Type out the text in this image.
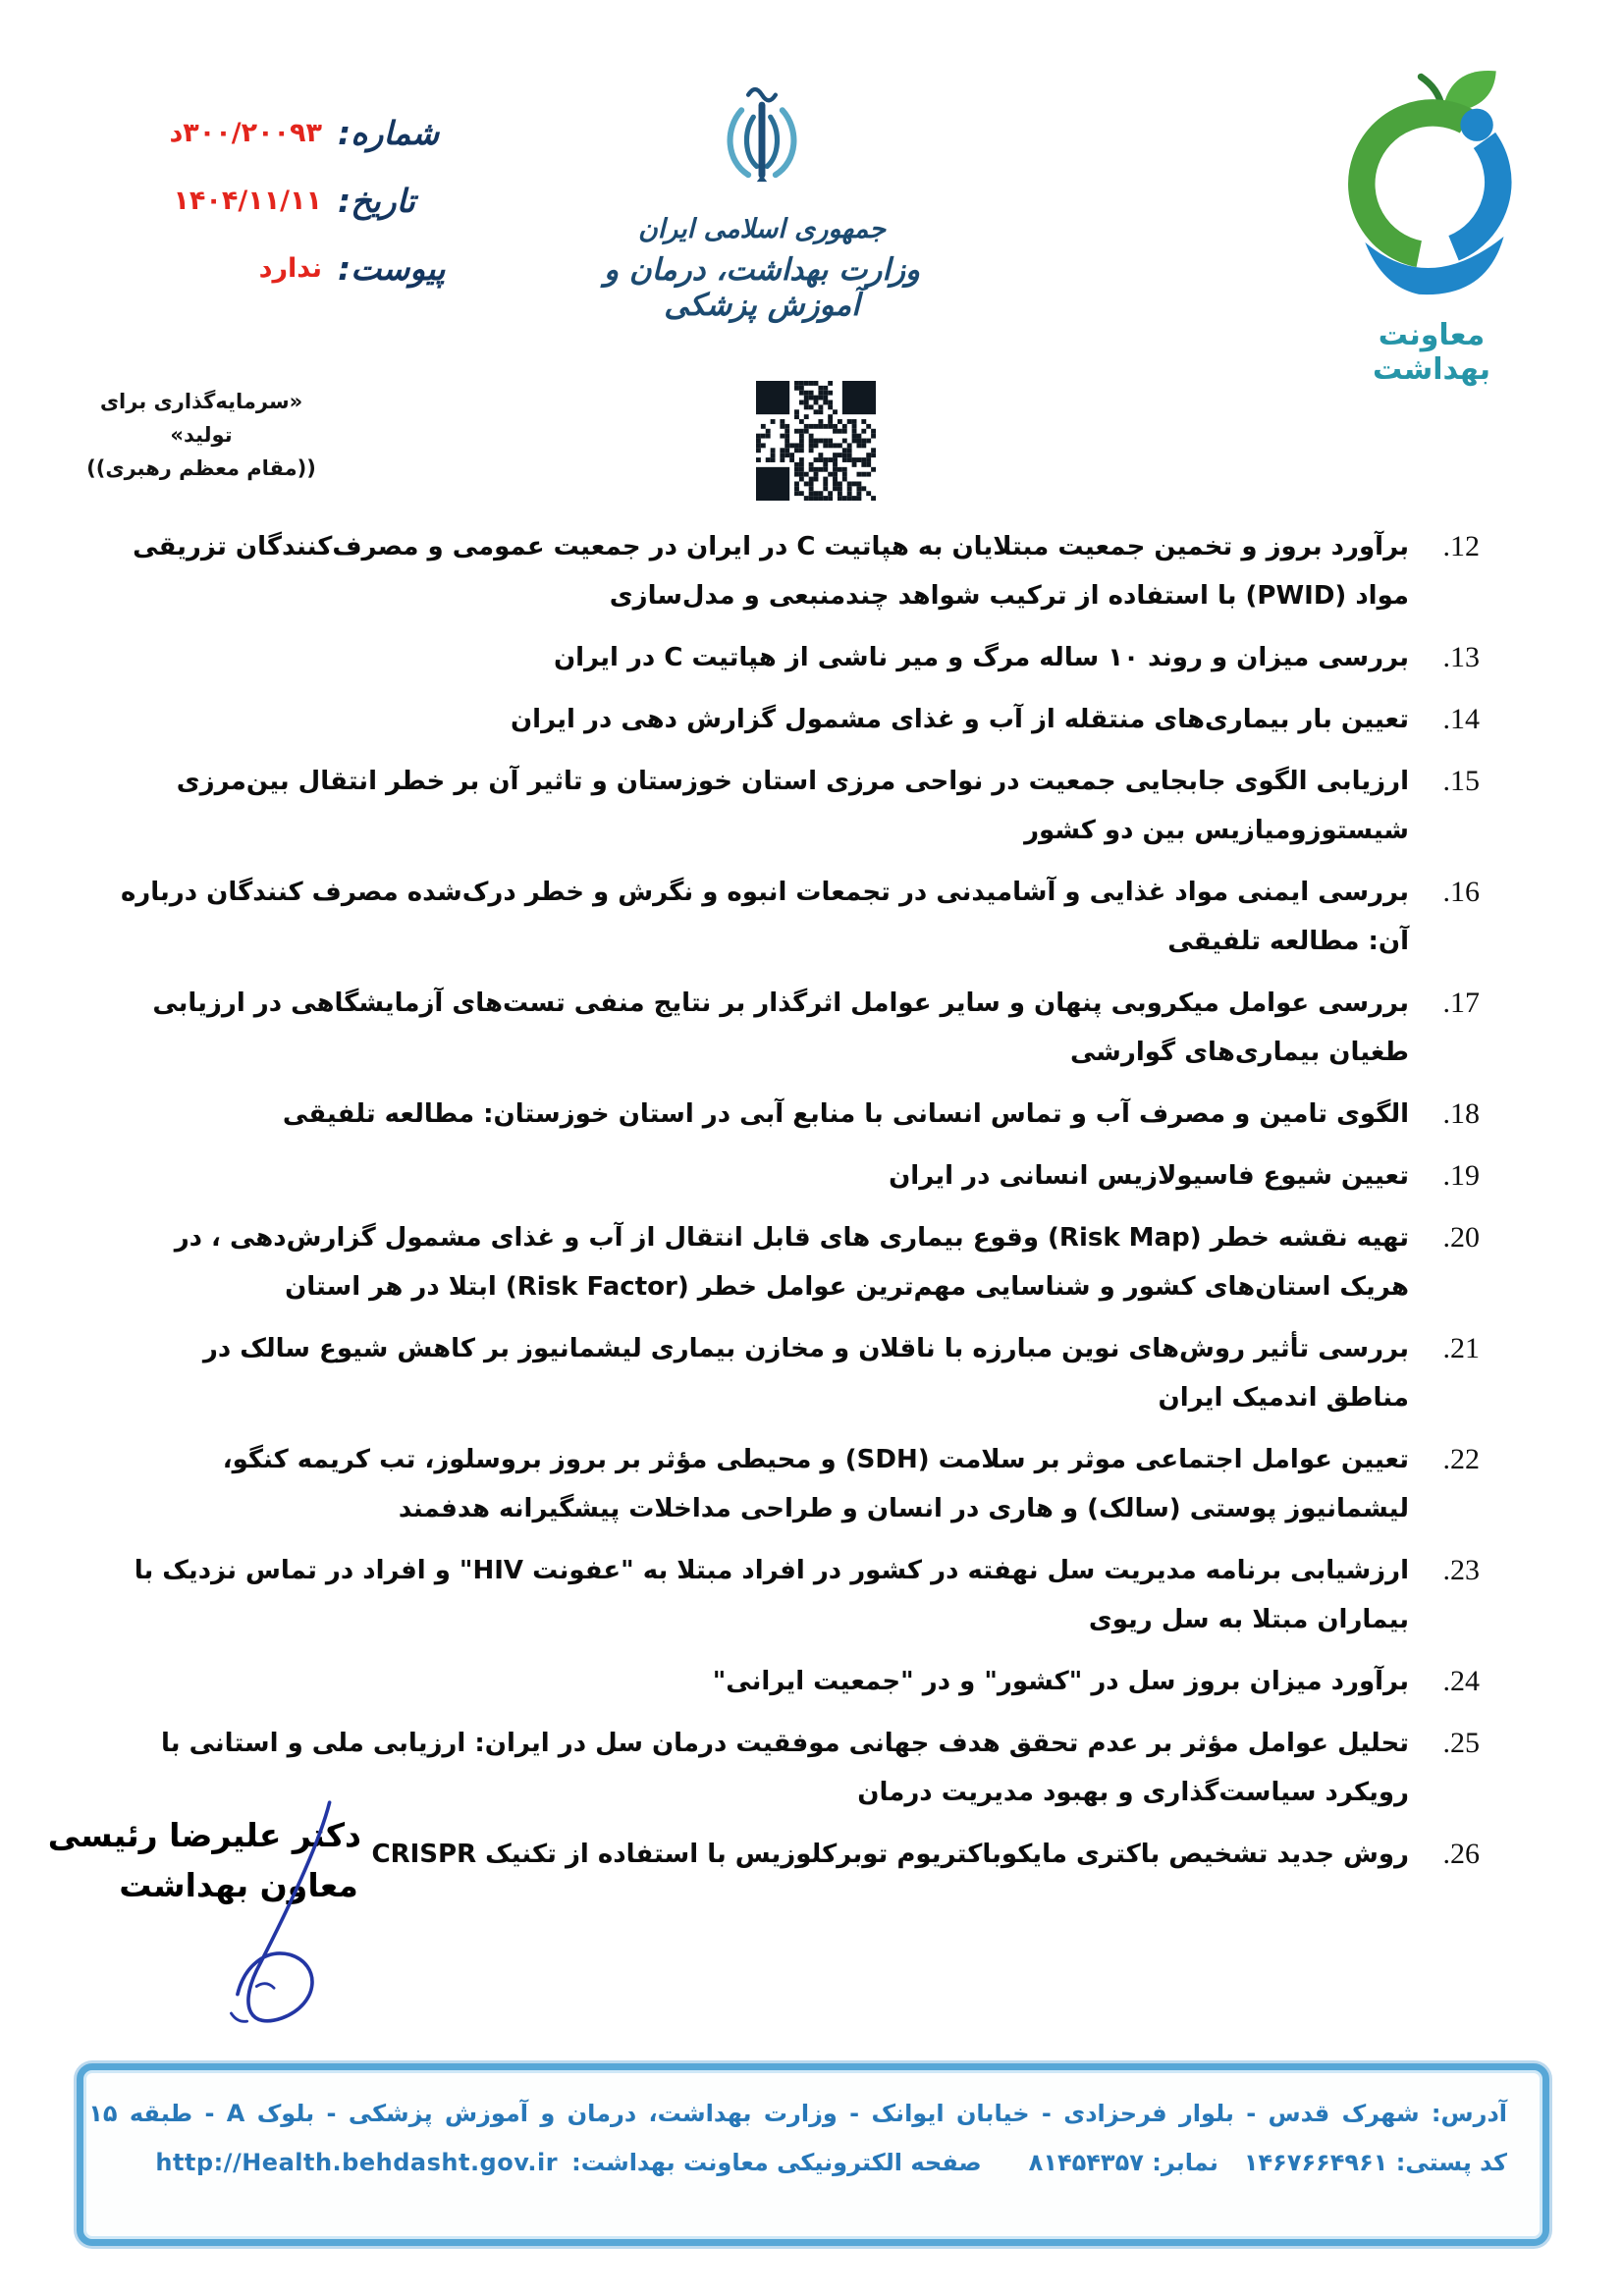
شماره:
۳۰۰/۲۰۰۹۳د
تاریخ:
۱۴۰۴/۱۱/۱۱
پیوست:
ندارد
«سرمایه‌گذاری برای تولید»
((مقام معظم رهبری))
جمهوری اسلامی ایران
وزارت بهداشت، درمان و آموزش پزشکی
معاونت بهداشت
12.
برآورد بروز و تخمین جمعیت مبتلایان به هپاتیت C در ایران در جمعیت عمومی و مصرف‌کنندگان تزریقی مواد (PWID) با استفاده از ترکیب شواهد چندمنبعی و مدل‌سازی
13.
بررسی میزان و روند ۱۰ ساله مرگ و میر ناشی از هپاتیت C در ایران
14.
تعیین بار بیماری‌های منتقله از آب و غذای مشمول گزارش دهی در ایران
15.
ارزیابی الگوی جابجایی جمعیت در نواحی مرزی استان خوزستان و تاثیر آن بر خطر انتقال بین‌مرزی شیستوزومیازیس بین دو کشور
16.
بررسی ایمنی مواد غذایی و آشامیدنی در تجمعات انبوه و نگرش و خطر درک‌شده مصرف کنندگان درباره آن: مطالعه تلفیقی
17.
بررسی عوامل میکروبی پنهان و سایر عوامل اثرگذار بر نتایج منفی تست‌های آزمایشگاهی در ارزیابی طغیان بیماری‌های گوارشی
18.
الگوی تامین و مصرف آب و تماس انسانی با منابع آبی در استان خوزستان: مطالعه تلفیقی
19.
تعیین شیوع فاسیولازیس انسانی در ایران
20.
تهیه نقشه خطر (Risk Map) وقوع بیماری های قابل انتقال از آب و غذای مشمول گزارش‌دهی ، در هریک استان‌های کشور و شناسایی مهم‌ترین عوامل خطر (Risk Factor) ابتلا در هر استان
21.
بررسی تأثیر روش‌های نوین مبارزه با ناقلان و مخازن بیماری لیشمانیوز بر کاهش شیوع سالک در مناطق اندمیک ایران
22.
تعیین عوامل اجتماعی موثر بر سلامت (SDH) و محیطی مؤثر بر بروز بروسلوز، تب کریمه کنگو، لیشمانیوز پوستی (سالک) و هاری در انسان و طراحی مداخلات پیشگیرانه هدفمند
23.
ارزشیابی برنامه مدیریت سل نهفته در کشور در افراد مبتلا به "عفونت HIV" و افراد در تماس نزدیک با بیماران مبتلا به سل ریوی
24.
برآورد میزان بروز سل در "کشور" و در "جمعیت ایرانی"
25.
تحلیل عوامل مؤثر بر عدم تحقق هدف جهانی موفقیت درمان سل در ایران: ارزیابی ملی و استانی با رویکرد سیاست‌گذاری و بهبود مدیریت درمان
26.
روش جدید تشخیص باکتری مایکوباکتریوم توبرکلوزیس با استفاده از تکنیک CRISPR
دکتر علیرضا رئیسی
معاون بهداشت
آدرس: شهرک قدس - بلوار فرحزادی - خیابان ایوانک - وزارت بهداشت، درمان و آموزش پزشکی - بلوک A - طبقه ۱۵
کد پستی: ۱۴۶۷۶۶۴۹۶۱
نمابر: ۸۱۴۵۴۳۵۷
صفحه الکترونیکی معاونت بهداشت:
http://Health.behdasht.gov.ir
